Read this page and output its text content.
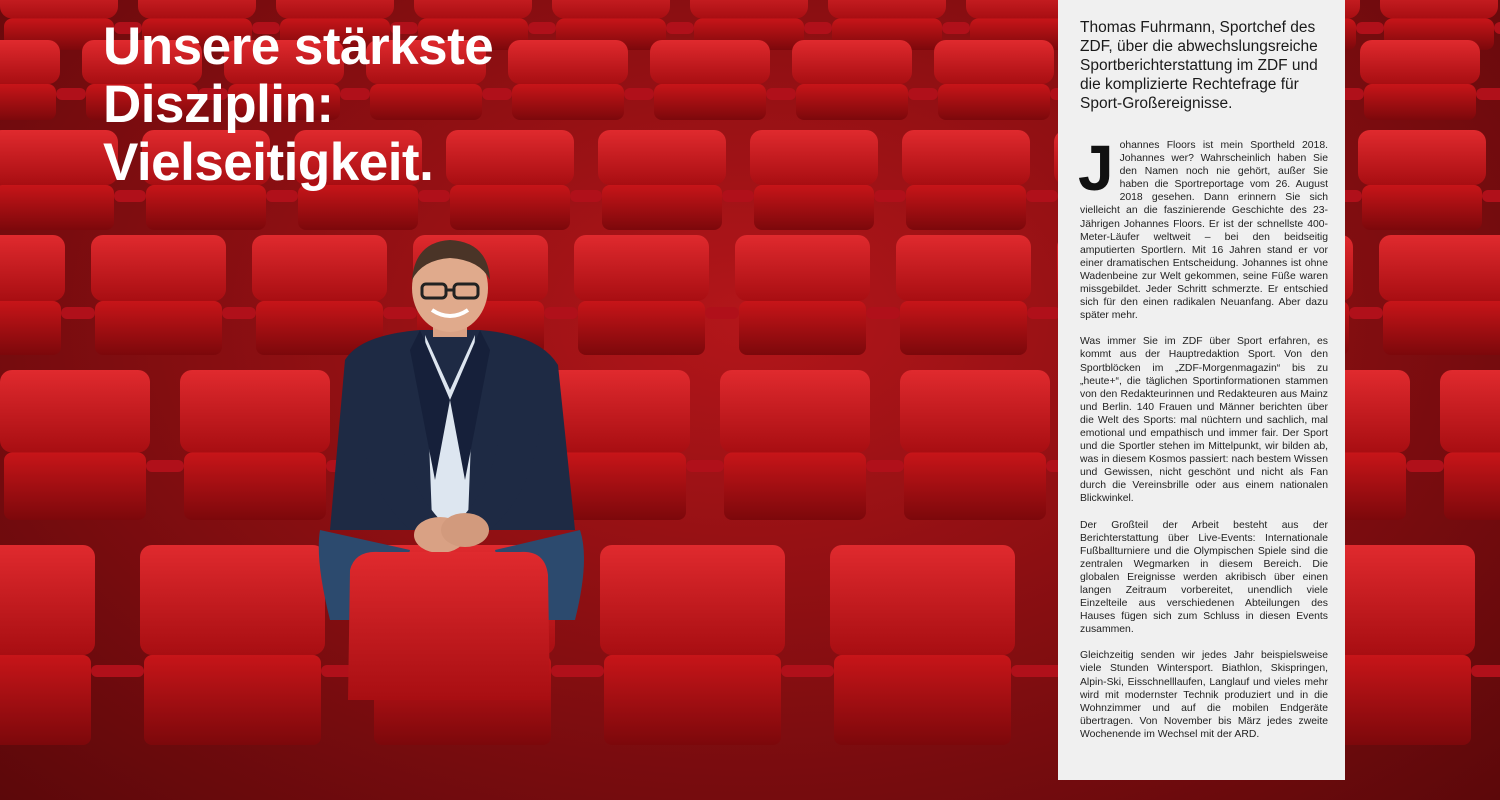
Unsere stärkste
Disziplin:
Vielseitigkeit.
Thomas Fuhrmann, Sportchef des ZDF, über die abwechslungsreiche Sportberichterstattung im ZDF und die komplizierte Rechtefrage für Sport-Großereignisse.

Johannes Floors ist mein Sportheld 2018. Johannes wer? Wahrscheinlich haben Sie den Namen noch nie gehört, außer Sie haben die Sportreportage vom 26. August 2018 gesehen. Dann erinnern Sie sich vielleicht an die faszinierende Geschichte des 23-Jährigen Johannes Floors. Er ist der schnellste 400-Meter-Läufer weltweit – bei den beidseitig amputierten Sportlern. Mit 16 Jahren stand er vor einer dramatischen Entscheidung. Johannes ist ohne Wadenbeine zur Welt gekommen, seine Füße waren missgebildet. Jeder Schritt schmerzte. Er entschied sich für den einen radikalen Neuanfang. Aber dazu später mehr.

Was immer Sie im ZDF über Sport erfahren, es kommt aus der Hauptredaktion Sport. Von den Sportblöcken im „ZDF-Morgenmagazin“ bis zu „heute+“, die täglichen Sportinformationen stammen von den Redakteurinnen und Redakteuren aus Mainz und Berlin. 140 Frauen und Männer berichten über die Welt des Sports: mal nüchtern und sachlich, mal emotional und empathisch und immer fair. Der Sport und die Sportler stehen im Mittelpunkt, wir bilden ab, was in diesem Kosmos passiert: nach bestem Wissen und Gewissen, nicht geschönt und nicht als Fan durch die Vereinsbrille oder aus einem nationalen Blickwinkel.

Der Großteil der Arbeit besteht aus der Berichterstattung über Live-Events: Internationale Fußballturniere und die Olympischen Spiele sind die zentralen Wegmarken in diesem Bereich. Die globalen Ereignisse werden akribisch über einen langen Zeitraum vorbereitet, unendlich viele Einzelteile aus verschiedenen Abteilungen des Hauses fügen sich zum Schluss in diesen Events zusammen.

Gleichzeitig senden wir jedes Jahr beispielsweise viele Stunden Wintersport. Biathlon, Skispringen, Alpin-Ski, Eisschnelllaufen, Langlauf und vieles mehr wird mit modernster Technik produziert und in die Wohnzimmer und auf die mobilen Endgeräte übertragen. Von November bis März jedes zweite Wochenende im Wechsel mit der ARD.
